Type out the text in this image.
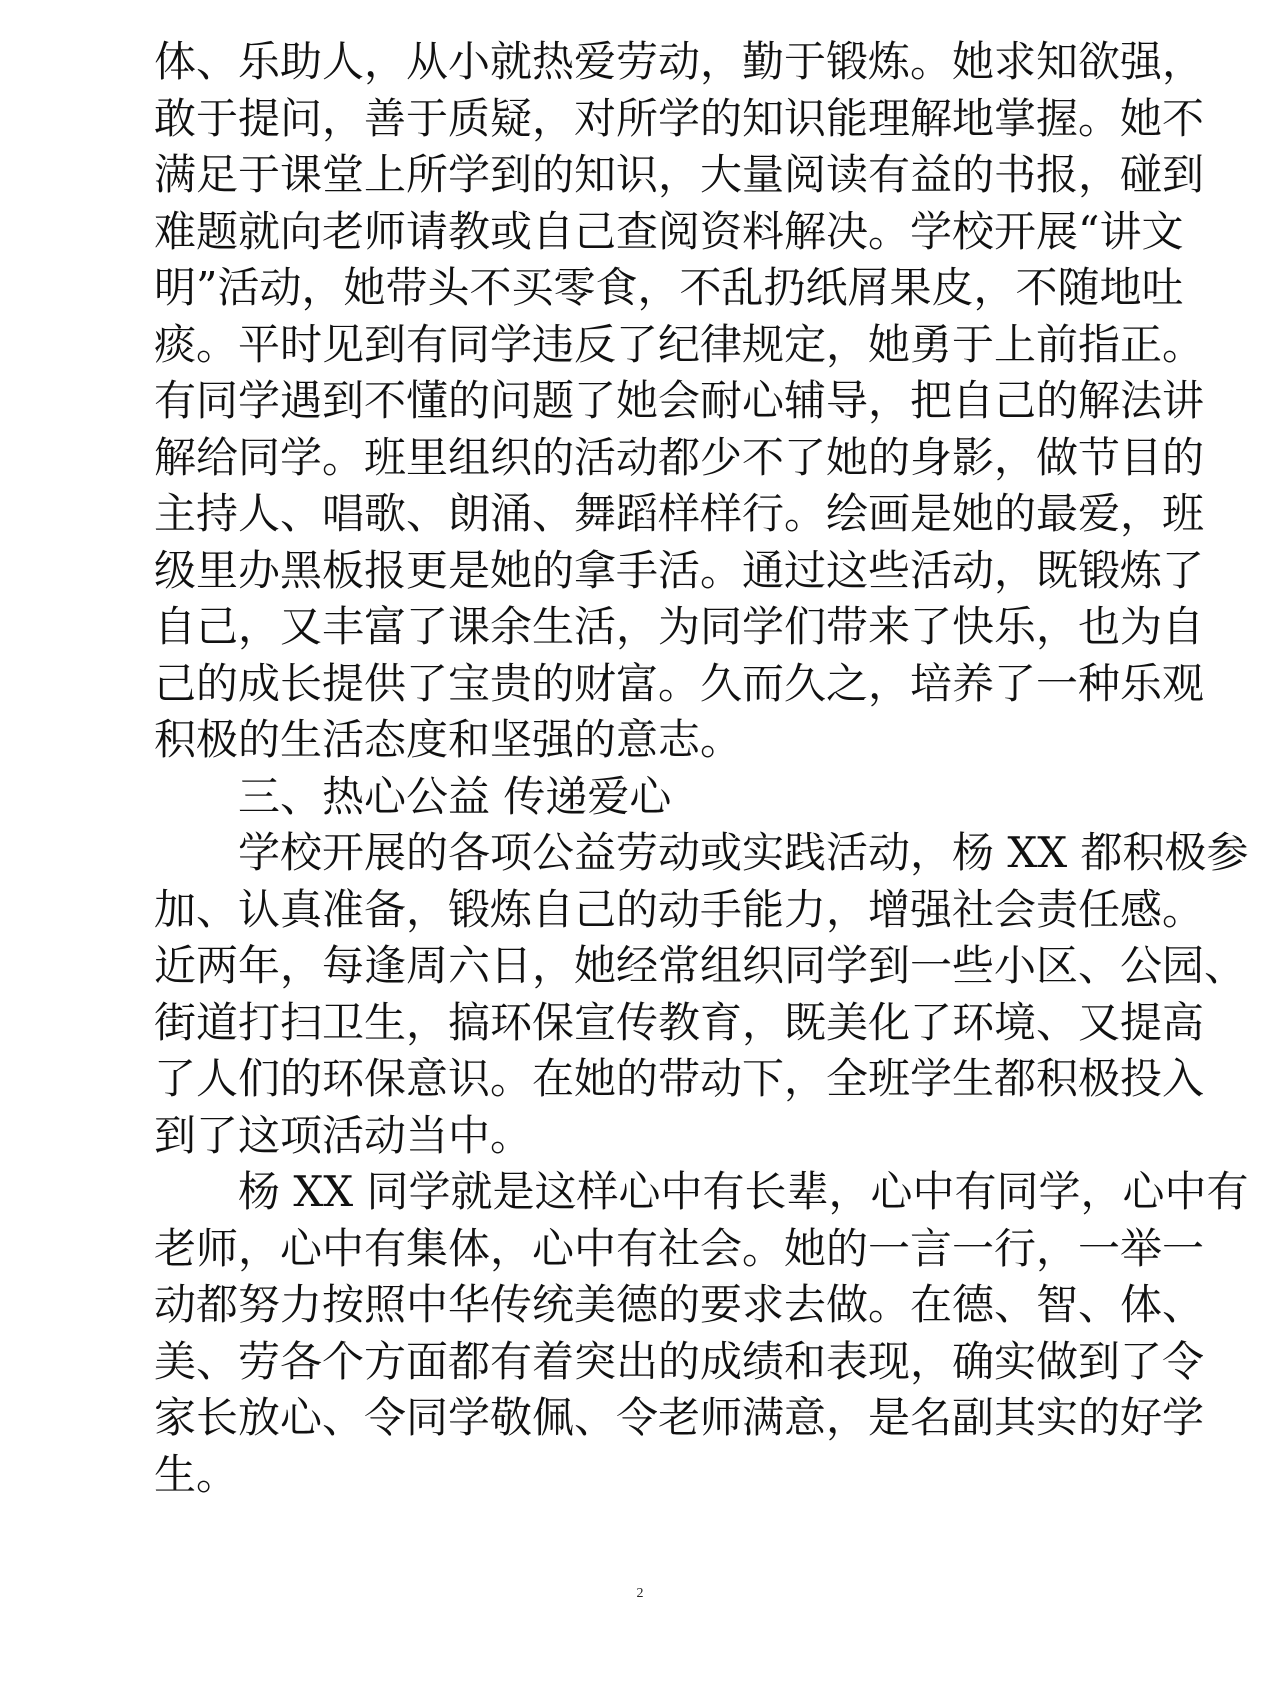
体、乐助人，从小就热爱劳动，勤于锻炼。她求知欲强，
敢于提问，善于质疑，对所学的知识能理解地掌握。她不
满足于课堂上所学到的知识，大量阅读有益的书报，碰到
难题就向老师请教或自己查阅资料解决。学校开展“讲文
明”活动，她带头不买零食，不乱扔纸屑果皮，不随地吐
痰。平时见到有同学违反了纪律规定，她勇于上前指正。
有同学遇到不懂的问题了她会耐心辅导，把自己的解法讲
解给同学。班里组织的活动都少不了她的身影，做节目的
主持人、唱歌、朗涌、舞蹈样样行。绘画是她的最爱，班
级里办黑板报更是她的拿手活。通过这些活动，既锻炼了
自己，又丰富了课余生活，为同学们带来了快乐，也为自
己的成长提供了宝贵的财富。久而久之，培养了一种乐观
积极的生活态度和坚强的意志。
三、热心公益 传递爱心
学校开展的各项公益劳动或实践活动，杨 XX 都积极参
加、认真准备，锻炼自己的动手能力，增强社会责任感。
近两年，每逢周六日，她经常组织同学到一些小区、公园、
街道打扫卫生，搞环保宣传教育，既美化了环境、又提高
了人们的环保意识。在她的带动下，全班学生都积极投入
到了这项活动当中。
杨 XX 同学就是这样心中有长辈，心中有同学，心中有
老师，心中有集体，心中有社会。她的一言一行，一举一
动都努力按照中华传统美德的要求去做。在德、智、体、
美、劳各个方面都有着突出的成绩和表现，确实做到了令
家长放心、令同学敬佩、令老师满意，是名副其实的好学
生。
2
